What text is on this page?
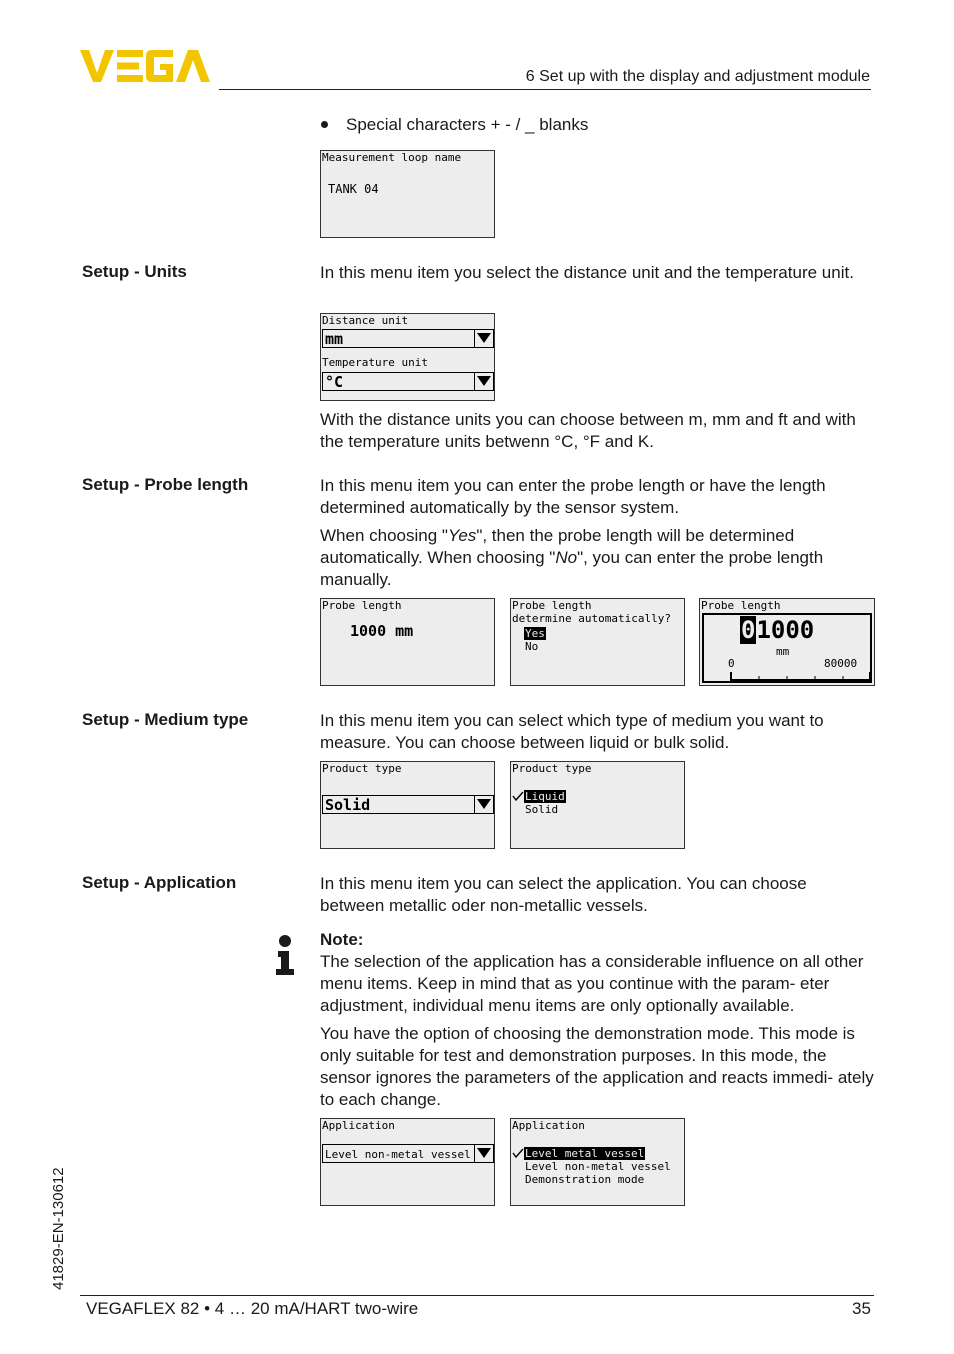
6 Set up with the display and adjustment module
Special characters + - / _ blanks
Measurement loop name
TANK 04
Setup - Units	In this menu item you select the distance unit and the temperature unit.
Distance unit
mm
Temperature unit
°C
With the distance units you can choose between m, mm and ft and with the temperature units betwenn °C, °F and K.
Setup - Probe length	In this menu item you can enter the probe length or have the length determined automatically by the sensor system.
When choosing "Yes", then the probe length will be determined automatically. When choosing "No", you can enter the probe length manually.
Probe length
1000 mm
Probe length
determine automatically?
Yes
No
Probe length
01000
mm
0	80000
Setup - Medium type	In this menu item you can select which type of medium you want to measure. You can choose between liquid or bulk solid.
Product type
Solid
Product type
Liquid
Solid
Setup - Application	In this menu item you can select the application. You can choose between metallic oder non-metallic vessels.
Note:
The selection of the application has a considerable influence on all other menu items. Keep in mind that as you continue with the param- eter adjustment, individual menu items are only optionally available.
You have the option of choosing the demonstration mode. This mode is only suitable for test and demonstration purposes. In this mode, the sensor ignores the parameters of the application and reacts immedi- ately to each change.
Application
Level non-metal vessel
Application
Level metal vessel
Level non-metal vessel
Demonstration mode
41829-EN-130612
VEGAFLEX 82 • 4 … 20 mA/HART two-wire	35
